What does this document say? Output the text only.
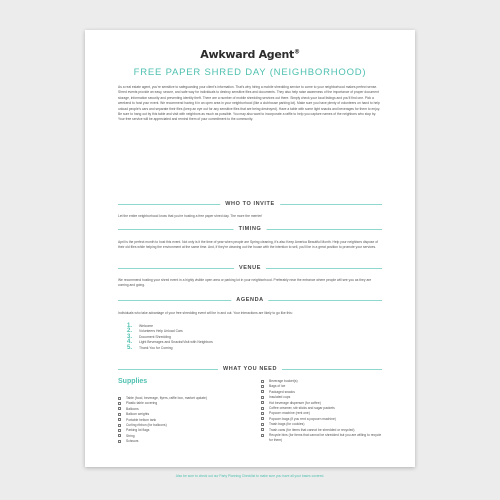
Awkward Agent®
FREE PAPER SHRED DAY (NEIGHBORHOOD)
As a real estate agent, you're sensitive to safeguarding your client's information. That's why hiring a mobile shredding service to come to your neighborhood makes perfect sense. Shred events provide an easy, secure, and safe way for individuals to destroy sensitive files and documents. They also help raise awareness of the importance of proper document storage, information security and preventing identity theft. There are a number of mobile shredding services out there. Simply check your local listings and you'll find one. Pick a weekend to host your event. We recommend having it in an open area in your neighborhood (like a clubhouse parking lot). Make sure you have plenty of volunteers on hand to help unload people's cars and separate their files (keep an eye out for any sensitive files that are being destroyed). Have a table with some light snacks and beverages for them to enjoy. Be sure to hang out by this table and visit with neighbors as much as possible. You may also want to incorporate a raffle to help you capture names of the neighbors who stop by. Your free service will be appreciated and remind them of your commitment to the community.
WHO TO INVITE
Let the entire neighborhood know that you're hosting a free paper shred day. The more the merrier!
TIMING
April is the perfect month to host this event. Not only is it the time of year when people are Spring cleaning, it's also Keep America Beautiful Month. Help your neighbors dispose of their old files while helping the environment at the same time. And, if they're cleaning out the house with the intention to sell, you'll be in a great position to promote your services.
VENUE
We recommend hosting your shred event in a highly visible open area or parking lot in your neighborhood. Preferably near the entrance where people will see you as they are coming and going.
AGENDA
Individuals who take advantage of your free shredding event will be in and out. Your interactions are likely to go like this:
1.	Welcome
2.	Volunteers Help Unload Cars
3.	Document Shredding
4.	Light Beverages and Snacks/Visit with Neighbors
5.	Thank You for Coming
WHAT YOU NEED
Supplies
Table (food, beverage, flyers, raffle box, market update)
Plastic table covering
Balloons
Balloon weights
Portable helium tank
Curling ribbon (for balloons)
Parking lot flags
String
Scissors
Beverage bucket(s)
Bags of ice
Packaged snacks
Insulated cups
Hot beverage dispenser (for coffee)
Coffee creamer, stir sticks and sugar packets
Popcorn machine (rent one)
Popcorn bags (if you rent a popcorn machine)
Trash bags (for cookies)
Trash cans (for items that cannot be shredded or recycled)
Recycle bins (for items that cannot be shredded but you are willing to recycle for them)
Also be sure to check out our Party Planning Checklist to make sure you have all your bases covered.
